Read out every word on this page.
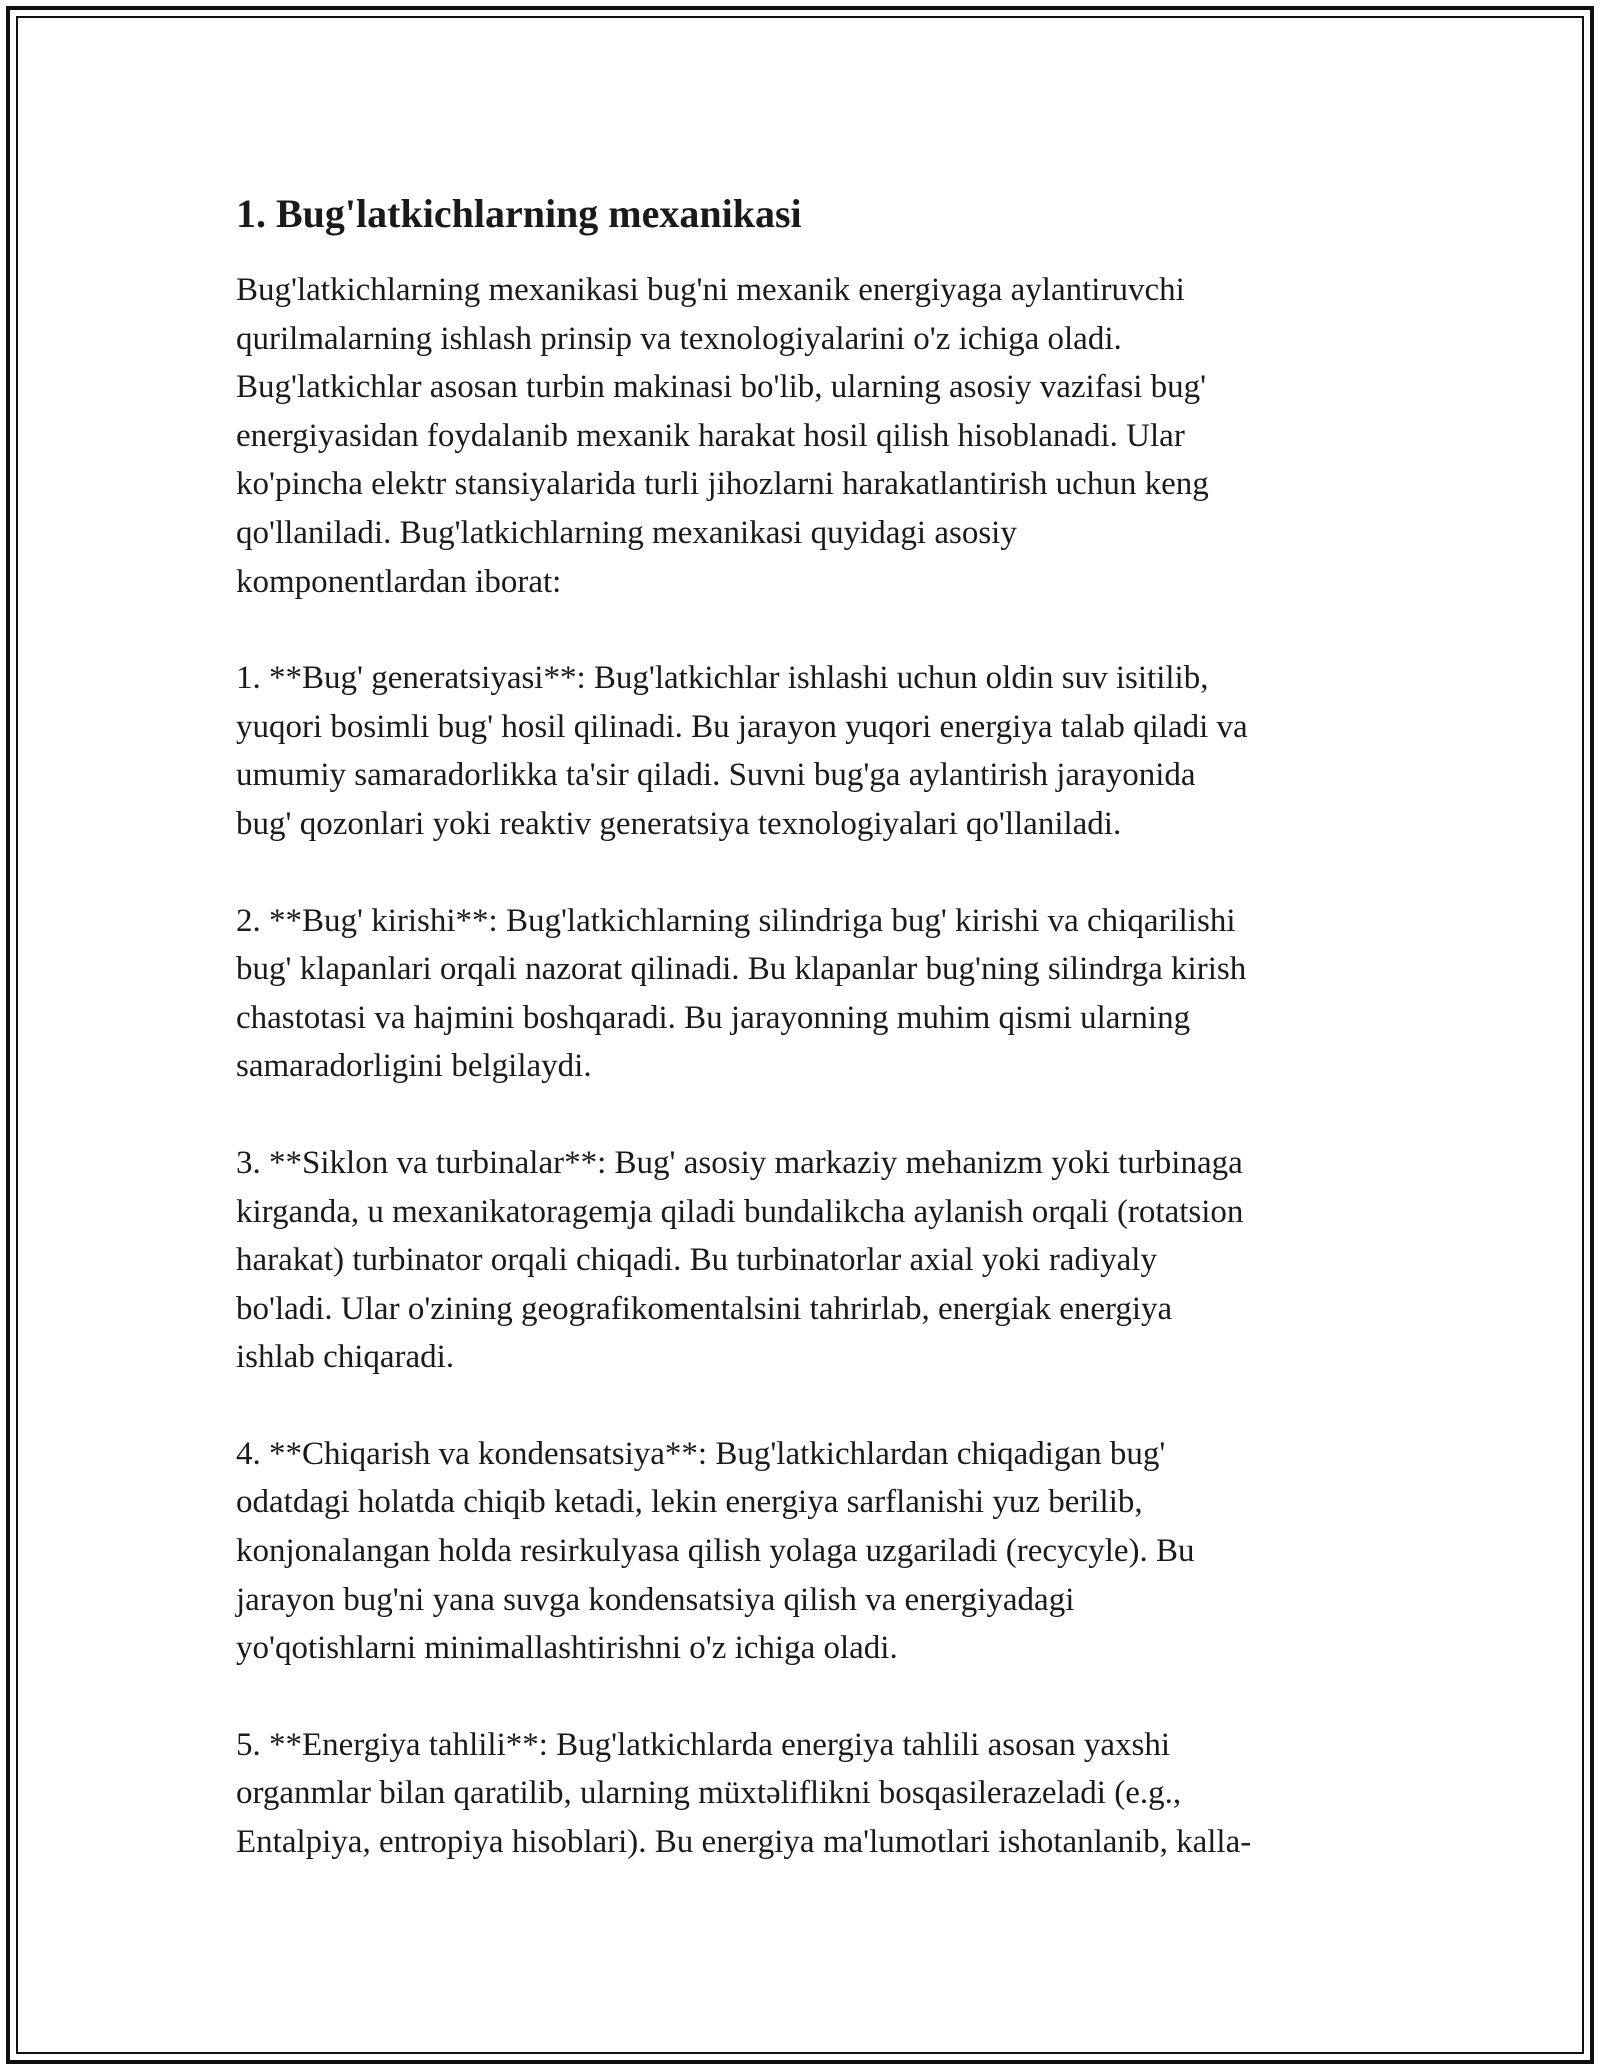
1. Bug'latkichlarning mexanikasi
Bug'latkichlarning mexanikasi bug'ni mexanik energiyaga aylantiruvchi
qurilmalarning ishlash prinsip va texnologiyalarini o'z ichiga oladi.
Bug'latkichlar asosan turbin makinasi bo'lib, ularning asosiy vazifasi bug'
energiyasidan foydalanib mexanik harakat hosil qilish hisoblanadi. Ular
ko'pincha elektr stansiyalarida turli jihozlarni harakatlantirish uchun keng
qo'llaniladi. Bug'latkichlarning mexanikasi quyidagi asosiy
komponentlardan iborat:
1. **Bug' generatsiyasi**: Bug'latkichlar ishlashi uchun oldin suv isitilib,
yuqori bosimli bug' hosil qilinadi. Bu jarayon yuqori energiya talab qiladi va
umumiy samaradorlikka ta'sir qiladi. Suvni bug'ga aylantirish jarayonida
bug' qozonlari yoki reaktiv generatsiya texnologiyalari qo'llaniladi.
2. **Bug' kirishi**: Bug'latkichlarning silindriga bug' kirishi va chiqarilishi
bug' klapanlari orqali nazorat qilinadi. Bu klapanlar bug'ning silindrga kirish
chastotasi va hajmini boshqaradi. Bu jarayonning muhim qismi ularning
samaradorligini belgilaydi.
3. **Siklon va turbinalar**: Bug' asosiy markaziy mehanizm yoki turbinaga
kirganda, u mexanikatoragemja qiladi bundalikcha aylanish orqali (rotatsion
harakat) turbinator orqali chiqadi. Bu turbinatorlar axial yoki radiyaly
bo'ladi. Ular o'zining geografikomentalsini tahrirlab, energiak energiya
ishlab chiqaradi.
4. **Chiqarish va kondensatsiya**: Bug'latkichlardan chiqadigan bug'
odatdagi holatda chiqib ketadi, lekin energiya sarflanishi yuz berilib,
konjonalangan holda resirkulyasa qilish yolaga uzgariladi (recycyle). Bu
jarayon bug'ni yana suvga kondensatsiya qilish va energiyadagi
yo'qotishlarni minimallashtirishni o'z ichiga oladi.
5. **Energiya tahlili**: Bug'latkichlarda energiya tahlili asosan yaxshi
organmlar bilan qaratilib, ularning müxtəliflikni bosqasilerazeladi (e.g.,
Entalpiya, entropiya hisoblari). Bu energiya ma'lumotlari ishotanlanib, kalla-
